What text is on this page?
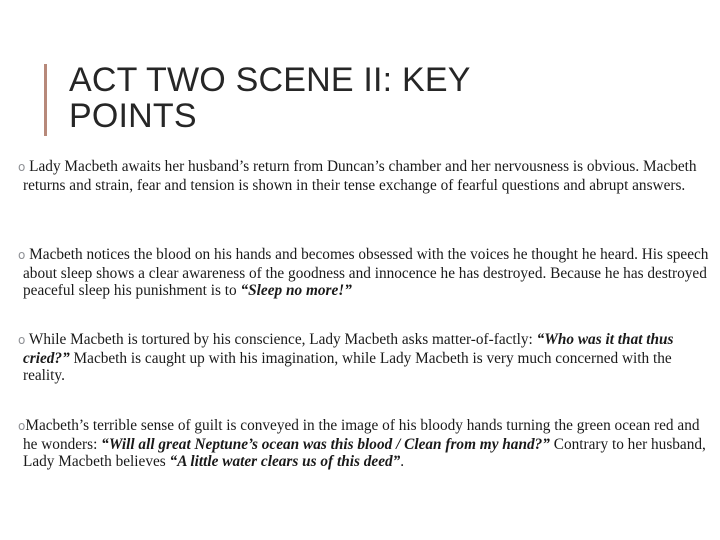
ACT TWO SCENE II: KEY
POINTS

o Lady Macbeth awaits her husband’s return from Duncan’s chamber and her nervousness is obvious. Macbeth returns and strain, fear and tension is shown in their tense exchange of fearful questions and abrupt answers.

o Macbeth notices the blood on his hands and becomes obsessed with the voices he thought he heard. His speech about sleep shows a clear awareness of the goodness and innocence he has destroyed. Because he has destroyed peaceful sleep his punishment is to “Sleep no more!”

o While Macbeth is tortured by his conscience, Lady Macbeth asks matter-of-factly: “Who was it that thus cried?” Macbeth is caught up with his imagination, while Lady Macbeth is very much concerned with the reality.

oMacbeth’s terrible sense of guilt is conveyed in the image of his bloody hands turning the green ocean red and he wonders: “Will all great Neptune’s ocean was this blood / Clean from my hand?” Contrary to her husband, Lady Macbeth believes “A little water clears us of this deed”.
